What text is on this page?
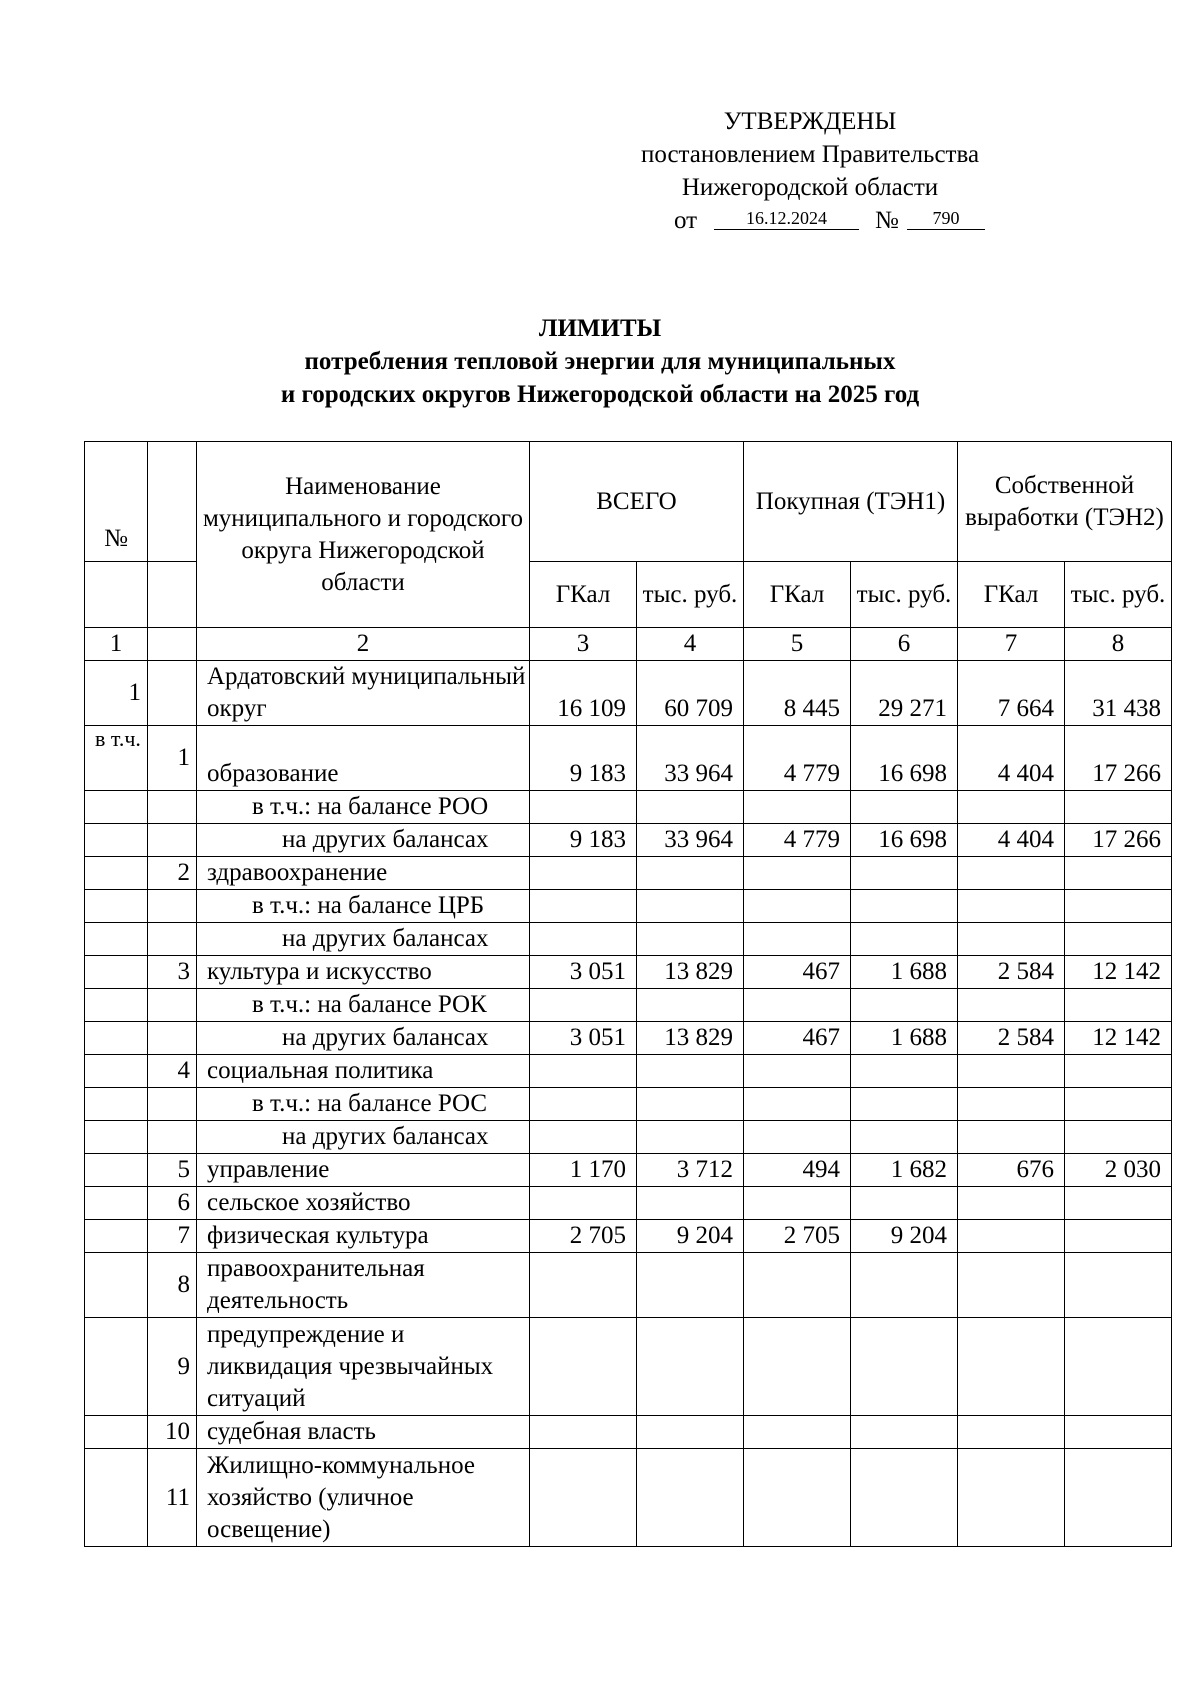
УТВЕРЖДЕНЫ
постановлением Правительства
Нижегородской области
от	16.12.2024	№	790
ЛИМИТЫ
потребления тепловой энергии для муниципальных
и городских округов Нижегородской области на 2025 год
№		Наименование муниципального и городского округа Нижегородской области	ВСЕГО		Покупная (ТЭН1)		Собственной выработки (ТЭН2)	
			ГКал	тыс. руб.	ГКал	тыс. руб.	ГКал	тыс. руб.
1		2	3	4	5	6	7	8
1		Ардатовский муниципальный округ	16 109	60 709	8 445	29 271	7 664	31 438
в т.ч.	1	образование	9 183	33 964	4 779	16 698	4 404	17 266
		в т.ч.: на балансе РОО						
		на других балансах	9 183	33 964	4 779	16 698	4 404	17 266
	2	здравоохранение						
		в т.ч.: на балансе ЦРБ						
		на других балансах						
	3	культура и искусство	3 051	13 829	467	1 688	2 584	12 142
		в т.ч.: на балансе РОК						
		на других балансах	3 051	13 829	467	1 688	2 584	12 142
	4	социальная политика						
		в т.ч.: на балансе РОС						
		на других балансах						
	5	управление	1 170	3 712	494	1 682	676	2 030
	6	сельское хозяйство						
	7	физическая культура	2 705	9 204	2 705	9 204		
	8	правоохранительная деятельность						
	9	предупреждение и ликвидация чрезвычайных ситуаций						
	10	судебная власть						
	11	Жилищно-коммунальное хозяйство (уличное освещение)						
